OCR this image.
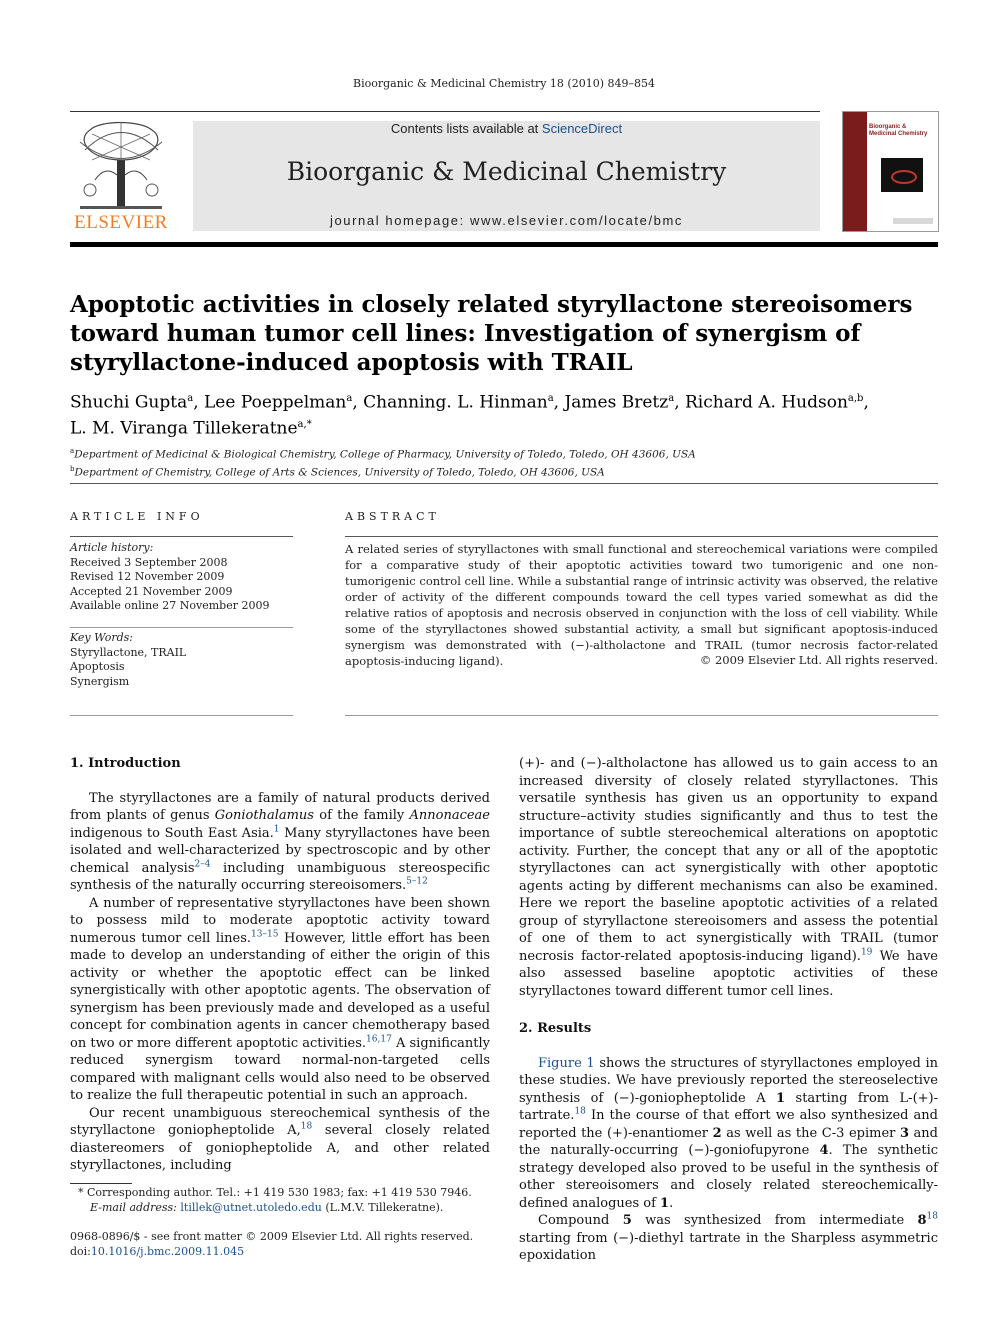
Bioorganic & Medicinal Chemistry 18 (2010) 849–854
ELSEVIER
Contents lists available at ScienceDirect
Bioorganic & Medicinal Chemistry
journal homepage: www.elsevier.com/locate/bmc
Bioorganic & Medicinal Chemistry
Apoptotic activities in closely related styryllactone stereoisomers toward human tumor cell lines: Investigation of synergism of styryllactone-induced apoptosis with TRAIL
Shuchi Gupta$^a$, Lee Poeppelman$^a$, Channing. L. Hinman$^a$, James Bretz$^a$, Richard A. Hudson$^{a,b}$,
L. M. Viranga Tillekeratne$^{a,*}$
$^a$Department of Medicinal & Biological Chemistry, College of Pharmacy, University of Toledo, Toledo, OH 43606, USA
$^b$Department of Chemistry, College of Arts & Sciences, University of Toledo, Toledo, OH 43606, USA
ARTICLE INFO
Article history:
Received 3 September 2008
Revised 12 November 2009
Accepted 21 November 2009
Available online 27 November 2009
Key Words:
Styryllactone, TRAIL
Apoptosis
Synergism
ABSTRACT
A related series of styryllactones with small functional and stereochemical variations were compiled for a comparative study of their apoptotic activities toward two tumorigenic and one non-tumorigenic control cell line. While a substantial range of intrinsic activity was observed, the relative order of activity of the different compounds toward the cell types varied somewhat as did the relative ratios of apoptosis and necrosis observed in conjunction with the loss of cell viability. While some of the styryllactones showed substantial activity, a small but significant apoptosis-induced synergism was demonstrated with (−)-altholactone and TRAIL (tumor necrosis factor-related apoptosis-inducing ligand).	© 2009 Elsevier Ltd. All rights reserved.
1. Introduction

The styryllactones are a family of natural products derived from plants of genus Goniothalamus of the family Annonaceae indigenous to South East Asia.$^1$ Many styryllactones have been isolated and well-characterized by spectroscopic and by other chemical analysis$^{2-4}$ including unambiguous stereospecific synthesis of the naturally occurring stereoisomers.$^{5-12}$

A number of representative styryllactones have been shown to possess mild to moderate apoptotic activity toward numerous tumor cell lines.$^{13-15}$ However, little effort has been made to develop an understanding of either the origin of this activity or whether the apoptotic effect can be linked synergistically with other apoptotic agents. The observation of synergism has been previously made and developed as a useful concept for combination agents in cancer chemotherapy based on two or more different apoptotic activities.$^{16,17}$ A significantly reduced synergism toward normal-non-targeted cells compared with malignant cells would also need to be observed to realize the full therapeutic potential in such an approach.

Our recent unambiguous stereochemical synthesis of the styryllactone goniopheptolide A,$^{18}$ several closely related diastereomers of goniopheptolide A, and other related styryllactones, including

(+)- and (−)-altholactone has allowed us to gain access to an increased diversity of closely related styryllactones. This versatile synthesis has given us an opportunity to expand structure–activity studies significantly and thus to test the importance of subtle stereochemical alterations on apoptotic activity. Further, the concept that any or all of the apoptotic styryllactones can act synergistically with other apoptotic agents acting by different mechanisms can also be examined. Here we report the baseline apoptotic activities of a related group of styryllactone stereoisomers and assess the potential of one of them to act synergistically with TRAIL (tumor necrosis factor-related apoptosis-inducing ligand).$^{19}$ We have also assessed baseline apoptotic activities of these styryllactones toward different tumor cell lines.

2. Results

Figure 1 shows the structures of styryllactones employed in these studies. We have previously reported the stereoselective synthesis of (−)-goniopheptolide A 1 starting from L-(+)-tartrate.$^{18}$ In the course of that effort we also synthesized and reported the (+)-enantiomer 2 as well as the C-3 epimer 3 and the naturally-occurring (−)-goniofupyrone 4. The synthetic strategy developed also proved to be useful in the synthesis of other stereoisomers and closely related stereochemically-defined analogues of 1.

Compound 5 was synthesized from intermediate $8^{18}$ starting from (−)-diethyl tartrate in the Sharpless asymmetric epoxidation

* Corresponding author. Tel.: +1 419 530 1983; fax: +1 419 530 7946.
E-mail address: ltillek@utnet.utoledo.edu (L.M.V. Tillekeratne).
0968-0896/$ - see front matter © 2009 Elsevier Ltd. All rights reserved.
doi:10.1016/j.bmc.2009.11.045
